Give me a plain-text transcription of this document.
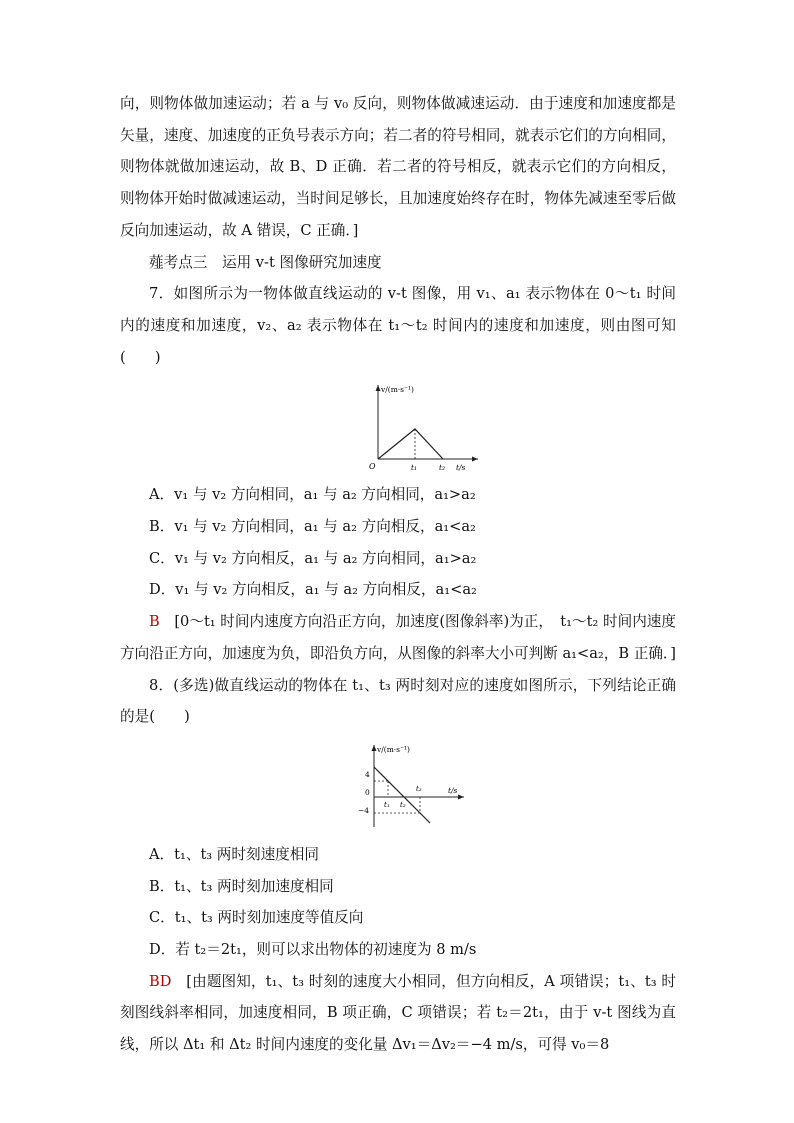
向，则物体做加速运动；若 a 与 v₀ 反向，则物体做减速运动．由于速度和加速度都是矢量，速度、加速度的正负号表示方向；若二者的符号相同，就表示它们的方向相同，则物体就做加速运动，故 B、D 正确．若二者的符号相反，就表示它们的方向相反，则物体开始时做减速运动，当时间足够长，且加速度始终存在时，物体先减速至零后做反向加速运动，故 A 错误，C 正确．]

薤考点三　运用 v-t 图像研究加速度

7．如图所示为一物体做直线运动的 v-t 图像，用 v₁、a₁ 表示物体在 0～t₁ 时间内的速度和加速度，v₂、a₂ 表示物体在 t₁～t₂ 时间内的速度和加速度，则由图可知(　　)

v/(m·s⁻¹)
O	t₁	t₂ t/s

A．v₁ 与 v₂ 方向相同，a₁ 与 a₂ 方向相同，a₁>a₂

B．v₁ 与 v₂ 方向相同，a₁ 与 a₂ 方向相反，a₁<a₂

C．v₁ 与 v₂ 方向相反，a₁ 与 a₂ 方向相同，a₁>a₂

D．v₁ 与 v₂ 方向相反，a₁ 与 a₂ 方向相反，a₁<a₂

B　[0～t₁ 时间内速度方向沿正方向，加速度(图像斜率)为正，　t₁～t₂ 时间内速度方向沿正方向，加速度为负，即沿负方向，从图像的斜率大小可判断 a₁<a₂，B 正确．]

8．(多选)做直线运动的物体在 t₁、t₃ 两时刻对应的速度如图所示，下列结论正确的是(　　)

v/(m·s⁻¹)
4
0
−4
t₁ t₂
t₃	t/s

A．t₁、t₃ 两时刻速度相同

B．t₁、t₃ 两时刻加速度相同

C．t₁、t₃ 两时刻加速度等值反向

D．若 t₂＝2t₁，则可以求出物体的初速度为 8 m/s

BD　[由题图知，t₁、t₃ 时刻的速度大小相同，但方向相反，A 项错误；t₁、t₃ 时刻图线斜率相同，加速度相同，B 项正确，C 项错误；若 t₂＝2t₁，由于 v-t 图线为直线，所以 Δt₁ 和 Δt₂ 时间内速度的变化量 Δv₁＝Δv₂＝−4 m/s，可得 v₀＝8
